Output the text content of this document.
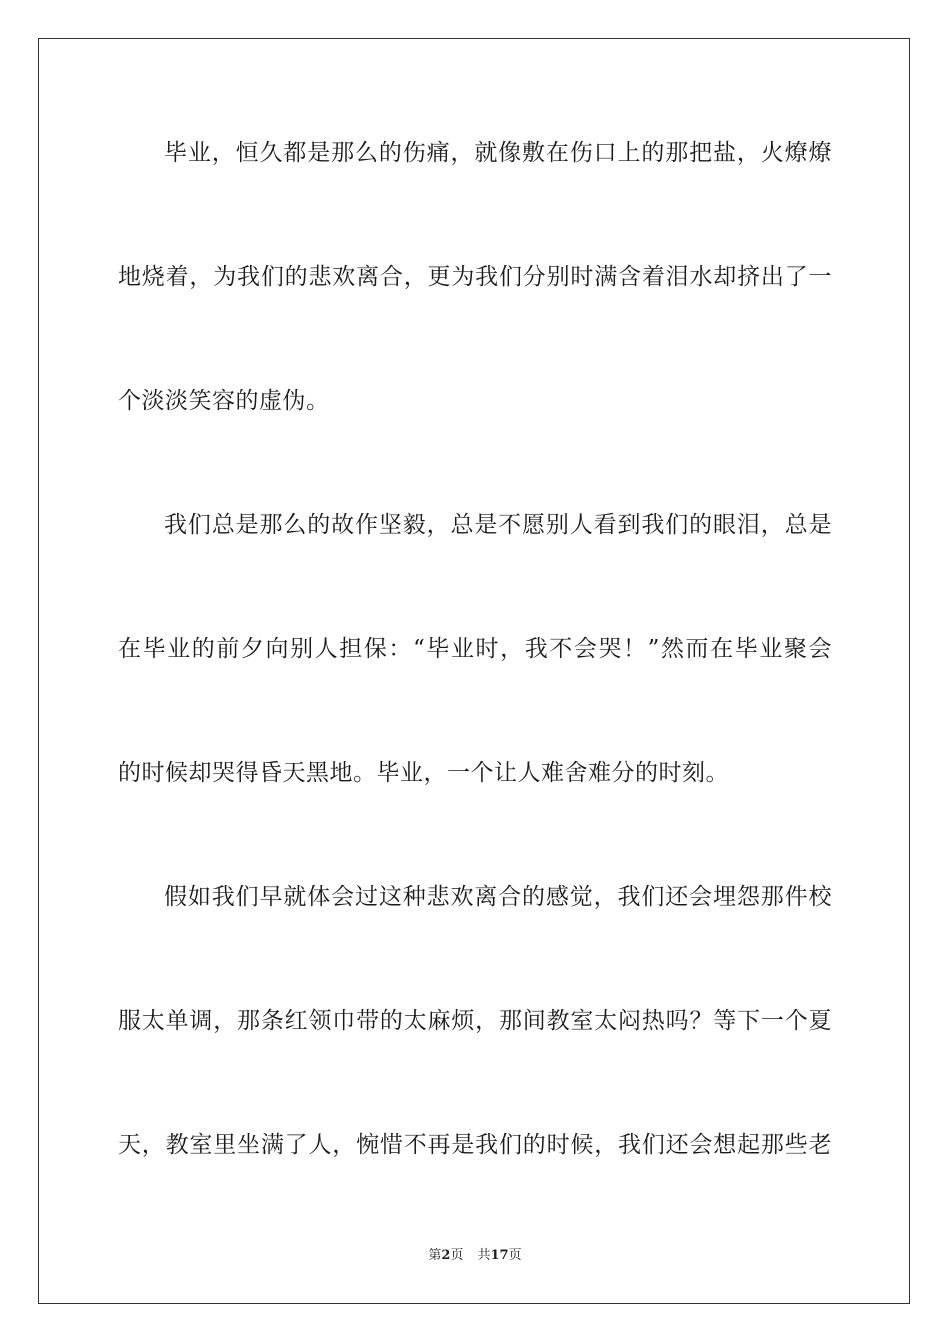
毕业，恒久都是那么的伤痛，就像敷在伤口上的那把盐，火燎燎
地烧着，为我们的悲欢离合，更为我们分别时满含着泪水却挤出了一
个淡淡笑容的虚伪。
我们总是那么的故作坚毅，总是不愿别人看到我们的眼泪，总是
在毕业的前夕向别人担保：“毕业时，我不会哭！”然而在毕业聚会
的时候却哭得昏天黑地。毕业，一个让人难舍难分的时刻。
假如我们早就体会过这种悲欢离合的感觉，我们还会埋怨那件校
服太单调，那条红领巾带的太麻烦，那间教室太闷热吗？等下一个夏
天，教室里坐满了人，惋惜不再是我们的时候，我们还会想起那些老
第2页 共17页
